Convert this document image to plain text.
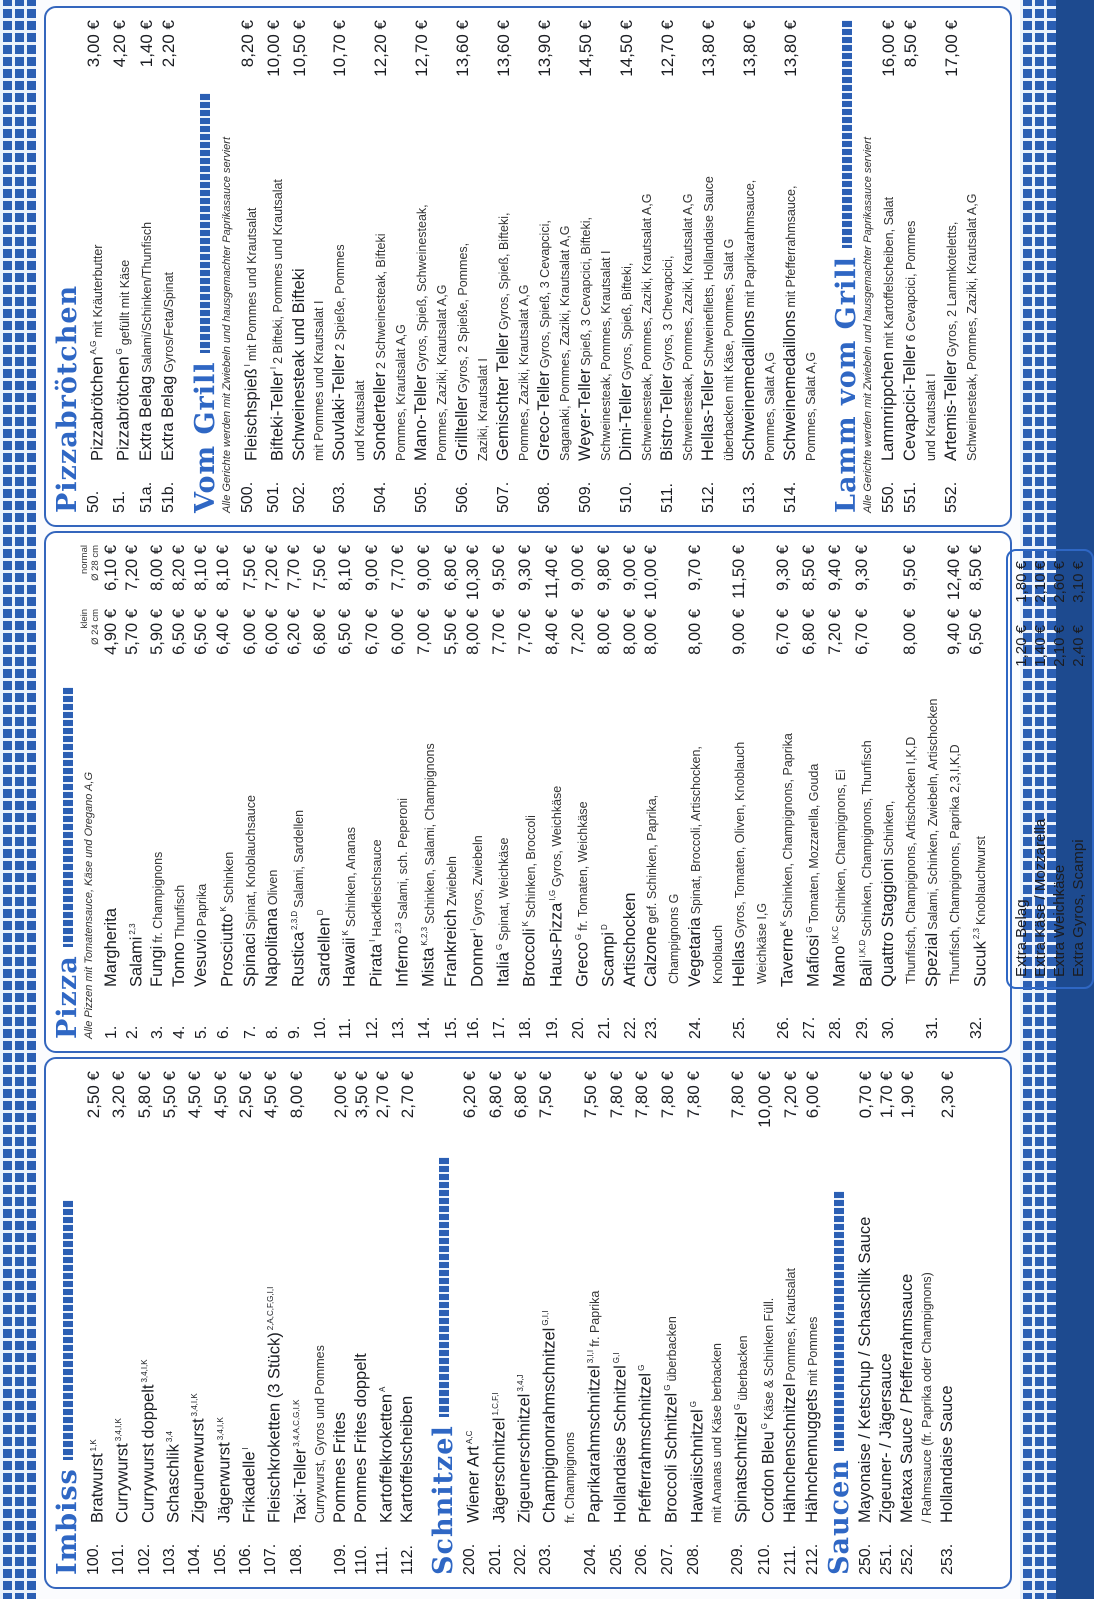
Imbiss 100.
Bratwurst$^{1,K}$
2,50 €
101.
Currywurst$^{3,4,I,K}$
3,20 €
102.
Currywurst doppelt$^{3,4,I,K}$
5,80 €
103.
Schaschlik$^{3,4}$
5,50 €
104.
Zigeunerwurst$^{3,4,I,K}$
4,50 €
105.
Jägerwurst$^{3,4,I,K}$
4,50 €
106.
Frikadelle$^I$
2,50 €
107.
Fleischkroketten (3 Stück)$^{2,A,C,F,G,I,I}$
4,50 €
108.
Taxi-Teller$^{3,4,A,C,G,I,K}$
8,00 €
Currywurst, Gyros und Pommes
109.
Pommes Frites
2,00 €
110.
Pommes Frites doppelt
3,50 €
111.
Kartoffelkroketten$^A$
2,70 €
112.
Kartoffelscheiben
2,70 €
Schnitzel 200.
Wiener Art$^{A,C}$
6,20 €
201.
Jägerschnitzel$^{1,C,F,I}$
6,80 €
202.
Zigeunerschnitzel$^{3,4,J}$
6,80 €
203.
Champignonrahmschnitzel$^{G,I,I}$
7,50 €
fr. Champignons
204.
Paprikarahmschnitzel$^{3,I,I}$fr. Paprika
7,50 €
205.
Hollandaise Schnitzel$^{G,I}$
7,80 €
206.
Pfefferrahmschnitzel$^G$
7,80 €
207.
Broccoli Schnitzel$^G$überbacken
7,80 €
208.
Hawaiischnitzel$^G$
7,80 €
mit Ananas und Käse berbacken
209.
Spinatschnitzel$^G$überbacken
7,80 €
210.
Cordon Bleu$^G$Käse & Schinken Füll.
10,00 €
211.
HähnchenschnitzelPommes, Krautsalat
7,20 €
212.
Hähnchennuggetsmit Pommes
6,00 €
Saucen 250.
Mayonaise / Ketschup / Schaschlik Sauce
0,70 €
251.
Zigeuner- / Jägersauce
1,70 €
252.
Metaxa Sauce / Pfefferrahmsauce
1,90 €
/ Rahmsauce (fr. Paprika oder Champignons)
253.
Hollandaise Sauce
2,30 €
Pizza Alle Pizzen mit Tomatensauce, Käse und Oregano A,G
klein
Ø 24 cm
normal
Ø 28 cm
1.
Margherita
4,90 €
6,10 €
2.
Salami$^{2,3}$
5,70 €
7,20 €
3.
Fungifr. Champignons
5,90 €
8,00 €
4.
TonnoThunfisch
6,50 €
8,20 €
5.
VesuvioPaprika
6,50 €
8,10 €
6.
Prosciutto$^K$Schinken
6,40 €
8,10 €
7.
SpinaciSpinat, Knoblauchsauce
6,00 €
7,50 €
8.
NapolitanaOliven
6,00 €
7,20 €
9.
Rustica$^{2,3,D}$Salami, Sardellen
6,20 €
7,70 €
10.
Sardellen$^D$
6,80 €
7,50 €
11.
Hawaii$^K$Schinken, Ananas
6,50 €
8,10 €
12.
Pirata$^I$Hackfleischsauce
6,70 €
9,00 €
13.
Inferno$^{2,3}$Salami, sch. Peperoni
6,00 €
7,70 €
14.
Mista$^{K,2,3}$Schinken, Salami, Champignons
7,00 €
9,00 €
15.
FrankreichZwiebeln
5,50 €
6,80 €
16.
Donner$^I$Gyros, Zwiebeln
8,00 €
10,30 €
17.
Italia$^G$Spinat, Weichkäse
7,70 €
9,50 €
18.
Broccoli$^K$Schinken, Broccoli
7,70 €
9,30 €
19.
Haus-Pizza$^{I,G}$Gyros, Weichkäse
8,40 €
11,40 €
20.
Greco$^G$fr. Tomaten, Weichkäse
7,20 €
9,00 €
21.
Scampi$^D$
8,00 €
9,80 €
22.
Artischocken
8,00 €
9,00 €
23.
Calzonegef. Schinken, Paprika,
8,00 €
10,00 €
Champignons G
24.
VegetariaSpinat, Broccoli, Artischocken,
8,00 €
9,70 €
Knoblauch
25.
HellasGyros, Tomaten, Oliven, Knoblauch
9,00 €
11,50 €
Weichkäse I,G
26.
Taverne$^K$Schinken, Champignons, Paprika
6,70 €
9,30 €
27.
Mafiosi$^G$Tomaten, Mozzarella, Gouda
6,80 €
8,50 €
28.
Mano$^{I,K,C}$Schinken, Champignons, Ei
7,20 €
9,40 €
29.
Bali$^{I,K,D}$Schinken, Champignons, Thunfisch
6,70 €
9,30 €
30.
Quattro StaggioniSchinken, Thunfisch, Champignons, Artischocken I,K,D
8,00 €
9,50 €
31.
SpezialSalami, Schinken, Zwiebeln, Artischocken Thunfisch, Champignons, Paprika 2,3,I,K,D
9,40 €
12,40 €
32.
Sucuk$^{2,3}$Knoblauchwurst
6,50 €
8,50 €
Extra Belag
1,20 €
1,80 €
Extra Käse / Mozzarella
1,40 €
2,10 €
Extra Weichkäse
2,10 €
2,60 €
Extra Gyros, Scampi
2,40 €
3,10 €
Pizzabrötchen 50.
Pizzabrötchen$^{A,G}$mit Kräuterbutter
3,00 €
51.
Pizzabrötchen$^G$gefüllt mit Käse
4,20 €
51a.
Extra BelagSalami/Schinken/Thunfisch
1,40 €
51b.
Extra BelagGyros/Feta/Spinat
2,20 €
Vom Grill Alle Gerichte werden mit Zwiebeln und hausgemachter Paprikasauce serviert 500.
Fleischspieß$^I$mit Pommes und Krautsalat
8,20 €
501.
Bifteki-Teller$^I$2 Bifteki, Pommes und Krautsalat
10,00 €
502.
Schweinesteak und Bifteki
10,50 €
mit Pommes und Krautsalat I
503.
Souvlaki-Teller2 Spieße, Pommes
10,70 €
und Krautsalat
504.
Sonderteller2 Schweinesteak, Bifteki
12,20 €
Pommes, Krautsalat A,G
505.
Mano-TellerGyros, Spieß, Schweinesteak,
12,70 €
Pommes, Zaziki, Krautsalat A,G
506.
GrilltellerGyros, 2 Spieße, Pommes,
13,60 €
Zaziki, Krautsalat I
507.
Gemischter TellerGyros, Spieß, Bifteki,
13,60 €
Pommes, Zaziki, Krautsalat A,G
508.
Greco-TellerGyros, Spieß, 3 Cevapcici,
13,90 €
Saganaki, Pommes, Zaziki, Krautsalat A,G
509.
Weyer-TellerSpieß, 3 Cevapcici, Bifteki,
14,50 €
Schweinesteak, Pommes, Krautsalat I
510.
Dimi-TellerGyros, Spieß, Bifteki,
14,50 €
Schweinesteak, Pommes, Zaziki, Krautsalat A,G
511.
Bistro-TellerGyros, 3 Chevapcici,
12,70 €
Schweinesteak, Pommes, Zaziki, Krautsalat A,G
512.
Hellas-TellerSchweinefilets, Hollandaise Sauce
13,80 €
überbacken mit Käse, Pommes, Salat G
513.
Schweinemedaillonsmit Paprikarahmsauce,
13,80 €
Pommes, Salat A,G
514.
Schweinemedaillonsmit Pfefferrahmsauce,
13,80 €
Pommes, Salat A,G Lamm vom Grill Alle Gerichte werden mit Zwiebeln und hausgemachter Paprikasauce serviert 550.
Lammrippchenmit Kartoffelscheiben, Salat
16,00 €
551.
Cevapcici-Teller6 Cevapcici, Pommes
8,50 €
und Krautsalat I
552.
Artemis-TellerGyros, 2 Lammkoteletts,
17,00 €
Schweinesteak, Pommes, Zaziki, Krautsalat A,G
